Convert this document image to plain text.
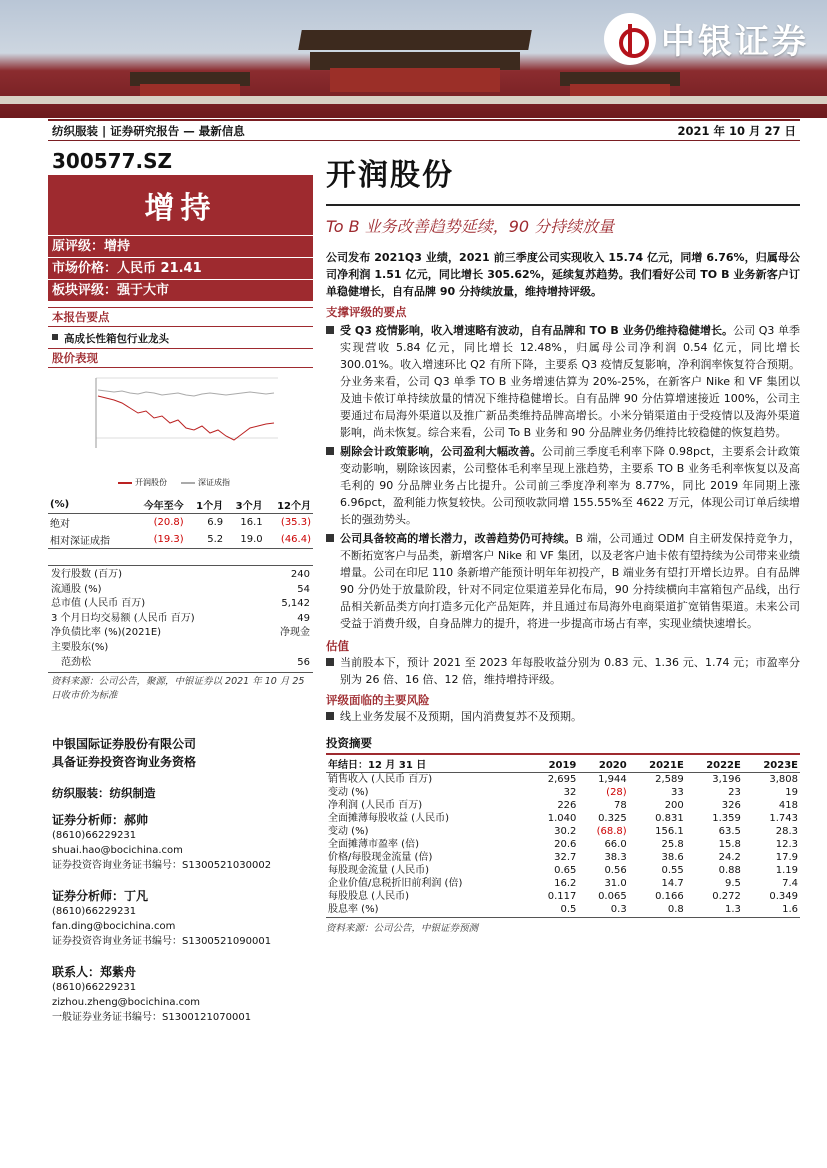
中银证券
纺织服装 | 证券研究报告 — 最新信息	2021 年 10 月 27 日
300577.SZ
增持
原评级：增持
市场价格：人民币 21.41
板块评级：强于大市
本报告要点
高成长性箱包行业龙头
股价表现
开润股份	深证成指
(%)	今年至今	1个月	3个月	12个月
绝对	(20.8)	6.9	16.1	(35.3)
相对深证成指	(19.3)	5.2	19.0	(46.4)
发行股数 (百万)	240
流通股 (%)	54
总市值 (人民币 百万)	5,142
3 个月日均交易额 (人民币 百万)	49
净负债比率 (%)(2021E)	净现金
主要股东(%)
范劲松	56
资料来源：公司公告，聚源，中银证券以 2021 年 10 月 25 日收市价为标准
中银国际证券股份有限公司
具备证券投资咨询业务资格
纺织服装：纺织制造
证券分析师：郝帅
(8610)66229231
shuai.hao@bocichina.com
证券投资咨询业务证书编号：S1300521030002
证券分析师：丁凡
(8610)66229231
fan.ding@bocichina.com
证券投资咨询业务证书编号：S1300521090001
联系人：郑紫舟
(8610)66229231
zizhou.zheng@bocichina.com
一般证券业务证书编号：S1300121070001
开润股份
To B 业务改善趋势延续，90 分持续放量
公司发布 2021Q3 业绩，2021 前三季度公司实现收入 15.74 亿元，同增 6.76%，归属母公司净利润 1.51 亿元，同比增长 305.62%，延续复苏趋势。我们看好公司 TO B 业务新客户订单稳健增长，自有品牌 90 分持续放量，维持增持评级。
支撑评级的要点
受 Q3 疫情影响，收入增速略有波动，自有品牌和 TO B 业务仍维持稳健增长。公司 Q3 单季实现营收 5.84 亿元，同比增长 12.48%，归属母公司净利润 0.54 亿元，同比增长 300.01%。收入增速环比 Q2 有所下降，主要系 Q3 疫情反复影响，净利润率恢复符合预期。分业务来看，公司 Q3 单季 TO B 业务增速估算为 20%-25%，在新客户 Nike 和 VF 集团以及迪卡侬订单持续放量的情况下维持稳健增长。自有品牌 90 分估算增速接近 100%，公司主要通过布局海外渠道以及推广新品类维持品牌高增长。小米分销渠道由于受疫情以及海外渠道影响，尚未恢复。综合来看，公司 To B 业务和 90 分品牌业务仍维持比较稳健的恢复趋势。
剔除会计政策影响，公司盈利大幅改善。公司前三季度毛利率下降 0.98pct，主要系会计政策变动影响，剔除该因素，公司整体毛利率呈现上涨趋势，主要系 TO B 业务毛利率恢复以及高毛利的 90 分品牌业务占比提升。公司前三季度净利率为 8.77%，同比 2019 年同期上涨 6.96pct，盈利能力恢复较快。公司预收款同增 155.55%至 4622 万元，体现公司订单后续增长的强劲势头。
公司具备较高的增长潜力，改善趋势仍可持续。B 端，公司通过 ODM 自主研发保持竞争力，不断拓宽客户与品类，新增客户 Nike 和 VF 集团，以及老客户迪卡侬有望持续为公司带来业绩增量。公司在印尼 110 条新增产能预计明年年初投产，B 端业务有望打开增长边界。自有品牌 90 分仍处于放量阶段，针对不同定位渠道差异化布局，90 分持续横向丰富箱包产品线，出行品相关新品类方向打造多元化产品矩阵，并且通过布局海外电商渠道扩宽销售渠道。未来公司受益于消费升级，自身品牌力的提升，将进一步提高市场占有率，实现业绩快速增长。
估值
当前股本下，预计 2021 至 2023 年每股收益分别为 0.83 元、1.36 元、1.74 元；市盈率分别为 26 倍、16 倍、12 倍，维持增持评级。
评级面临的主要风险
线上业务发展不及预期，国内消费复苏不及预期。
投资摘要
年结日：12 月 31 日	2019	2020	2021E	2022E	2023E
销售收入 (人民币 百万)	2,695	1,944	2,589	3,196	3,808
变动 (%)	32	(28)	33	23	19
净利润 (人民币 百万)	226	78	200	326	418
全面摊薄每股收益 (人民币)	1.040	0.325	0.831	1.359	1.743
变动 (%)	30.2	(68.8)	156.1	63.5	28.3
全面摊薄市盈率 (倍)	20.6	66.0	25.8	15.8	12.3
价格/每股现金流量 (倍)	32.7	38.3	38.6	24.2	17.9
每股现金流量 (人民币)	0.65	0.56	0.55	0.88	1.19
企业价值/息税折旧前利润 (倍)	16.2	31.0	14.7	9.5	7.4
每股股息 (人民币)	0.117	0.065	0.166	0.272	0.349
股息率 (%)	0.5	0.3	0.8	1.3	1.6
资料来源：公司公告，中银证券预测
